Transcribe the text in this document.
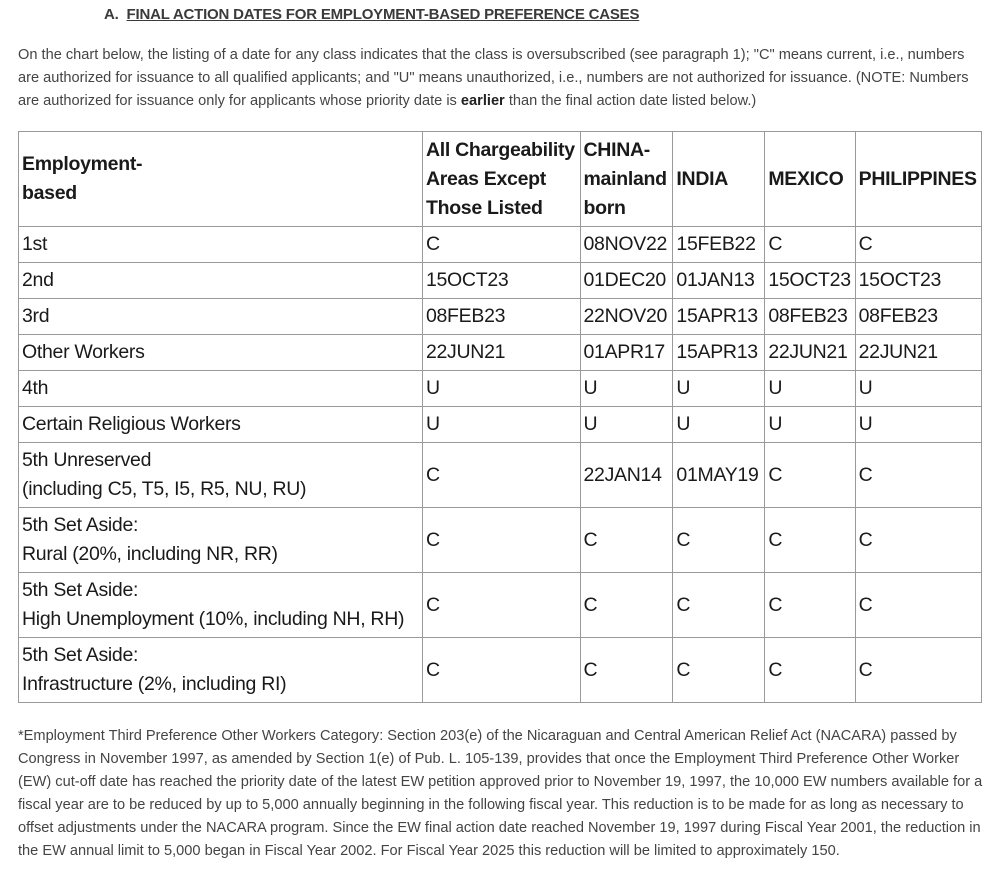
A. FINAL ACTION DATES FOR EMPLOYMENT-BASED PREFERENCE CASES
On the chart below, the listing of a date for any class indicates that the class is oversubscribed (see paragraph 1); "C" means current, i.e., numbers are authorized for issuance to all qualified applicants; and "U" means unauthorized, i.e., numbers are not authorized for issuance. (NOTE: Numbers are authorized for issuance only for applicants whose priority date is earlier than the final action date listed below.)
Employment-
based	All Chargeability
Areas Except
Those Listed	CHINA-
mainland
born	INDIA	MEXICO	PHILIPPINES
1st	C	08NOV22	15FEB22	C	C
2nd	15OCT23	01DEC20	01JAN13	15OCT23	15OCT23
3rd	08FEB23	22NOV20	15APR13	08FEB23	08FEB23
Other Workers	22JUN21	01APR17	15APR13	22JUN21	22JUN21
4th	U	U	U	U	U
Certain Religious Workers	U	U	U	U	U
5th Unreserved
(including C5, T5, I5, R5, NU, RU)	C	22JAN14	01MAY19	C	C
5th Set Aside:
Rural (20%, including NR, RR)	C	C	C	C	C
5th Set Aside:
High Unemployment (10%, including NH, RH)	C	C	C	C	C
5th Set Aside:
Infrastructure (2%, including RI)	C	C	C	C	C
*Employment Third Preference Other Workers Category: Section 203(e) of the Nicaraguan and Central American Relief Act (NACARA) passed by Congress in November 1997, as amended by Section 1(e) of Pub. L. 105-139, provides that once the Employment Third Preference Other Worker (EW) cut-off date has reached the priority date of the latest EW petition approved prior to November 19, 1997, the 10,000 EW numbers available for a fiscal year are to be reduced by up to 5,000 annually beginning in the following fiscal year. This reduction is to be made for as long as necessary to offset adjustments under the NACARA program. Since the EW final action date reached November 19, 1997 during Fiscal Year 2001, the reduction in the EW annual limit to 5,000 began in Fiscal Year 2002. For Fiscal Year 2025 this reduction will be limited to approximately 150.
